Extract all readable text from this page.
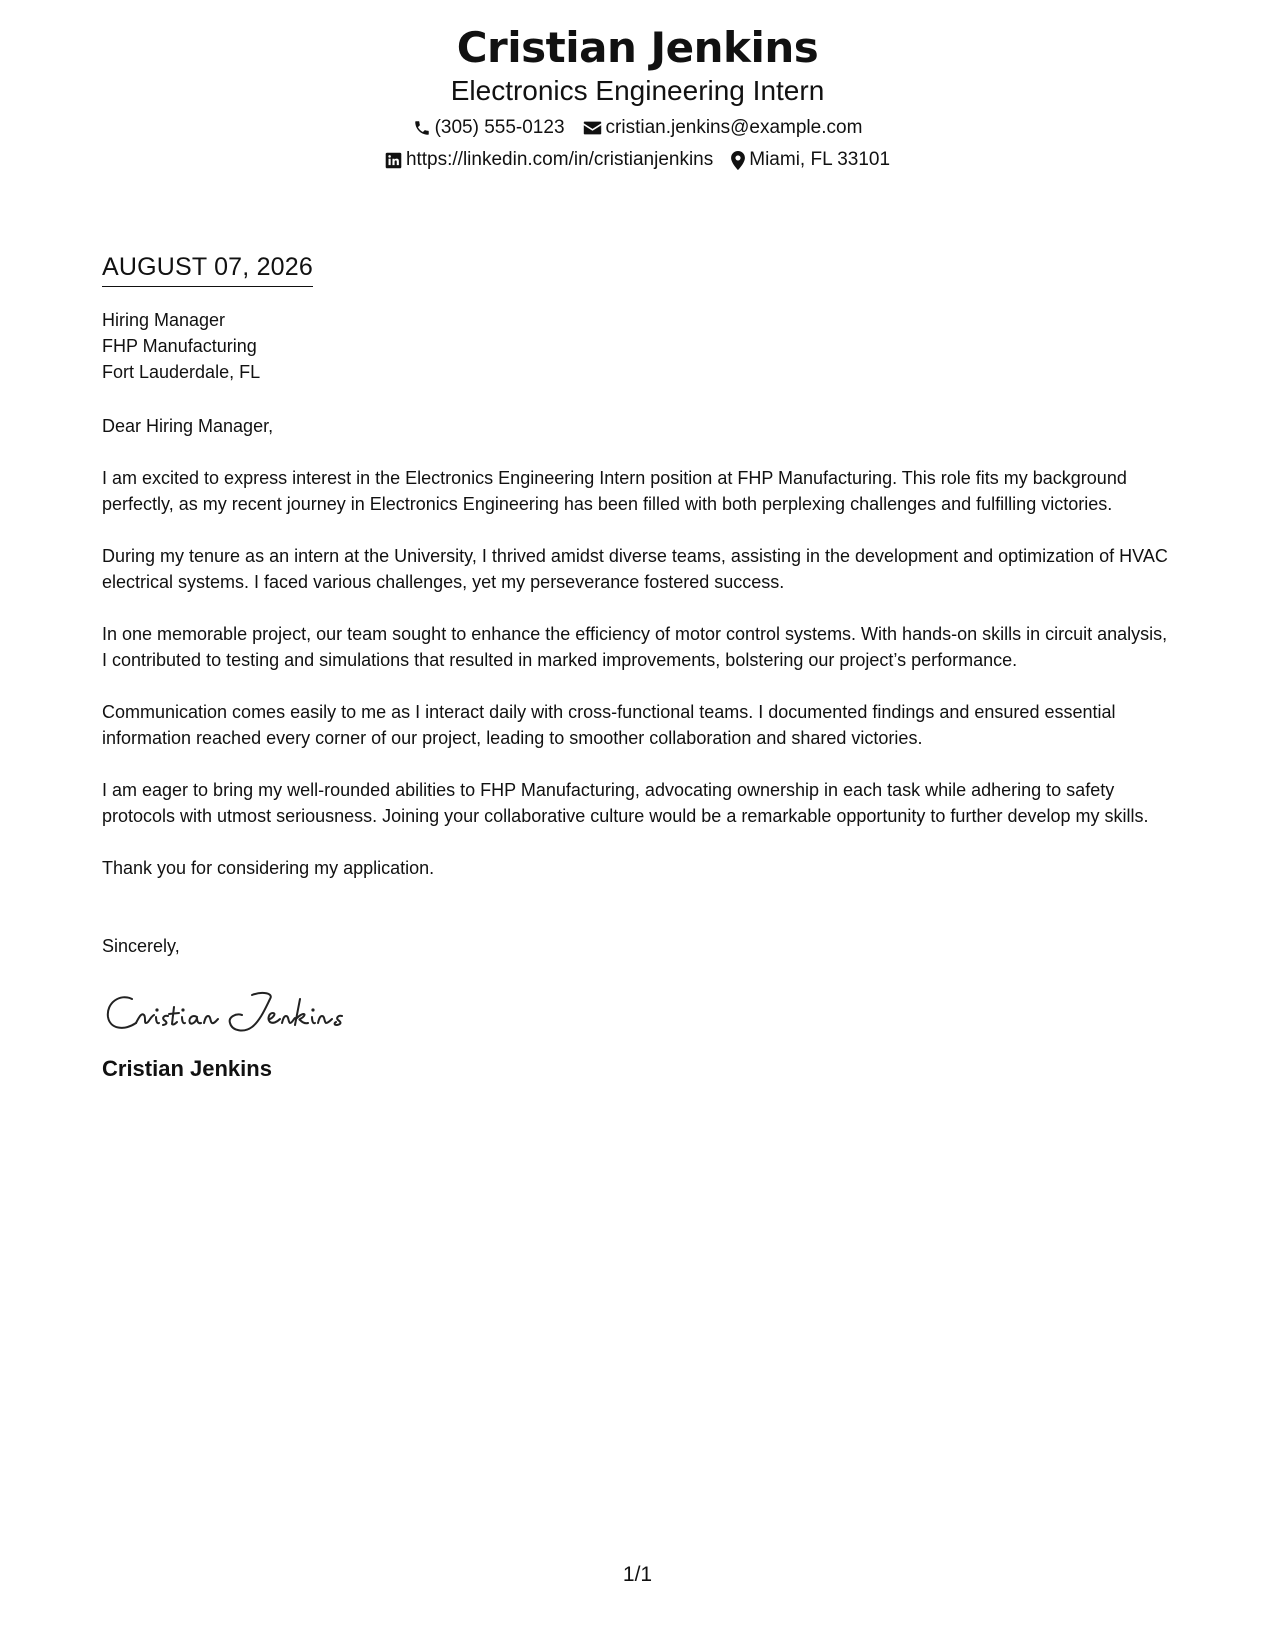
Cristian Jenkins
Electronics Engineering Intern
(305) 555-0123 cristian.jenkins@example.com
https://linkedin.com/in/cristianjenkins Miami, FL 33101
AUGUST 07, 2026
Hiring Manager
FHP Manufacturing
Fort Lauderdale, FL
Dear Hiring Manager,
I am excited to express interest in the Electronics Engineering Intern position at FHP Manufacturing. This role fits my background perfectly, as my recent journey in Electronics Engineering has been filled with both perplexing challenges and fulfilling victories.
During my tenure as an intern at the University, I thrived amidst diverse teams, assisting in the development and optimization of HVAC electrical systems. I faced various challenges, yet my perseverance fostered success.
In one memorable project, our team sought to enhance the efficiency of motor control systems. With hands-on skills in circuit analysis, I contributed to testing and simulations that resulted in marked improvements, bolstering our project’s performance.
Communication comes easily to me as I interact daily with cross-functional teams. I documented findings and ensured essential information reached every corner of our project, leading to smoother collaboration and shared victories.
I am eager to bring my well-rounded abilities to FHP Manufacturing, advocating ownership in each task while adhering to safety protocols with utmost seriousness. Joining your collaborative culture would be a remarkable opportunity to further develop my skills.
Thank you for considering my application.
Sincerely,
Cristian Jenkins
1/1
